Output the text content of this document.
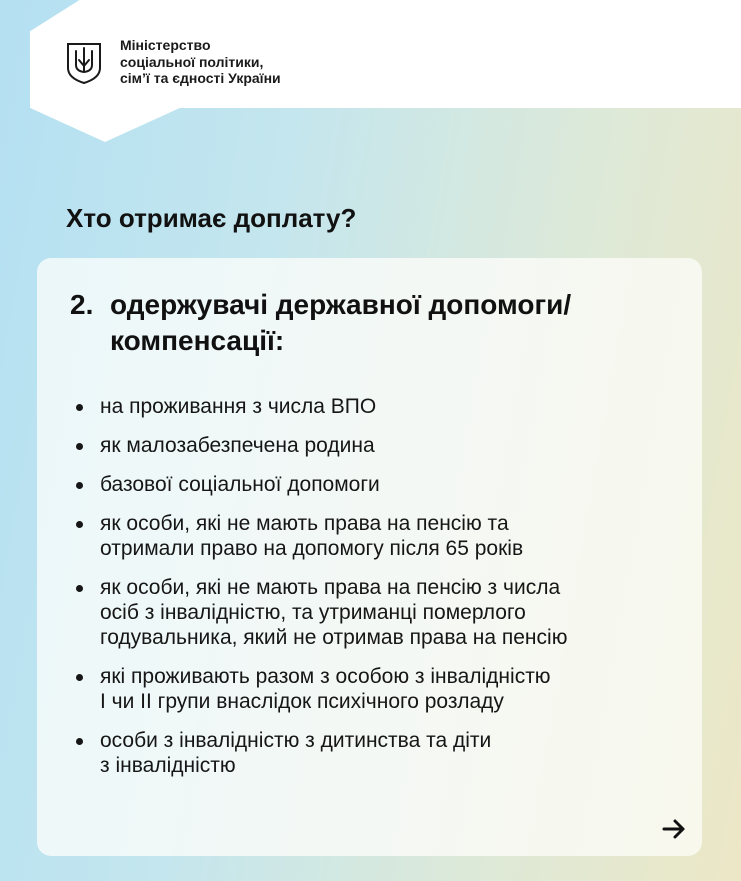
Міністерство
соціальної політики,
сім’ї та єдності України
Хто отримає доплату?
2. одержувачі державної допомоги/
компенсації:
на проживання з числа ВПО
як малозабезпечена родина
базової соціальної допомоги
як особи, які не мають права на пенсію та
отримали право на допомогу після 65 років
як особи, які не мають права на пенсію з числа
осіб з інвалідністю, та утриманці померлого
годувальника, який не отримав права на пенсію
які проживають разом з особою з інвалідністю
I чи II групи внаслідок психічного розладу
особи з інвалідністю з дитинства та діти
з інвалідністю
